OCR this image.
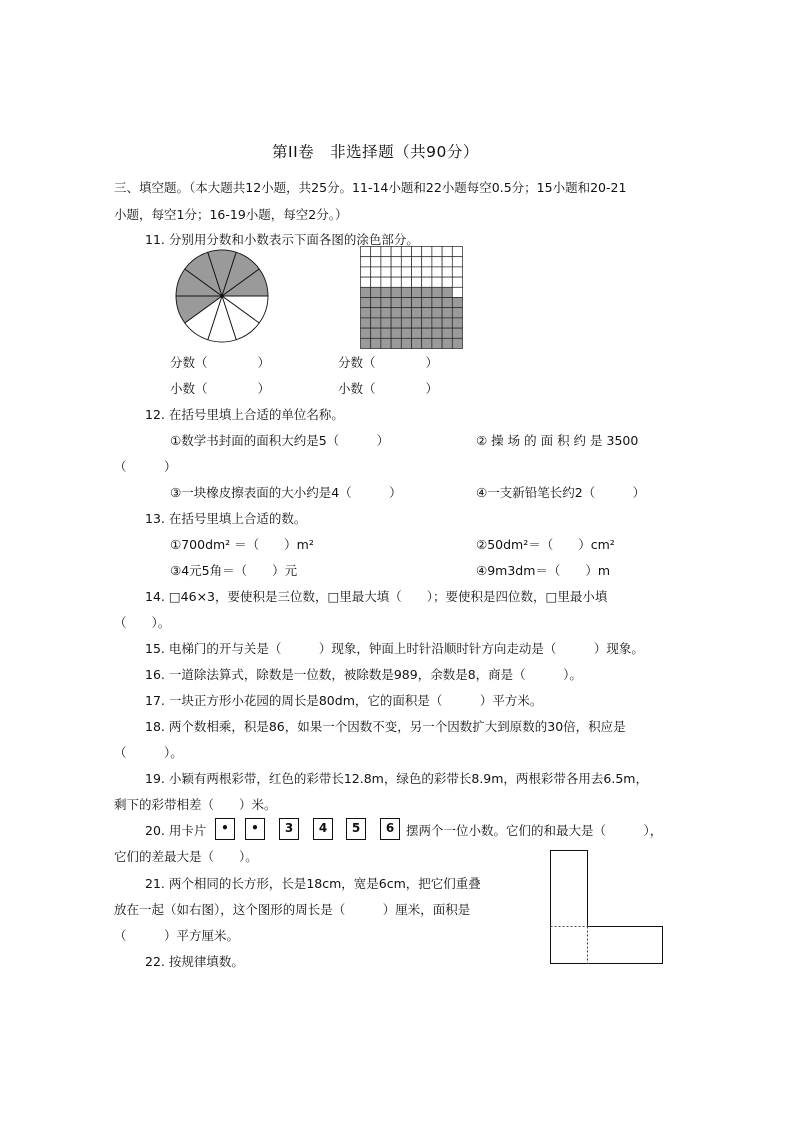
第II卷　非选择题（共90分）
三、填空题。（本大题共12小题，共25分。11-14小题和22小题每空0.5分；15小题和20-21
小题，每空1分；16-19小题，每空2分。）
11. 分别用分数和小数表示下面各图的涂色部分。
分数（　　　　）
小数（　　　　）
分数（　　　　）
小数（　　　　）
12. 在括号里填上合适的单位名称。
①数学书封面的面积大约是5（　　　）	② 操 场 的 面 积 约 是 3500
（　　　）
③一块橡皮擦表面的大小约是4（　　　）	④一支新铅笔长约2（　　　）
13. 在括号里填上合适的数。
①700dm² ＝（　　）m²	②50dm²＝（　　）cm²
③4元5角＝（　　）元	④9m3dm＝（　　）m
14. □46×3，要使积是三位数，□里最大填（　　）；要使积是四位数，□里最小填
（　　）。
15. 电梯门的开与关是（　　　）现象，钟面上时针沿顺时针方向走动是（　　　）现象。
16. 一道除法算式，除数是一位数，被除数是989，余数是8，商是（　　　）。
17. 一块正方形小花园的周长是80dm，它的面积是（　　　）平方米。
18. 两个数相乘，积是86，如果一个因数不变，另一个因数扩大到原数的30倍，积应是
（　　　）。
19. 小颖有两根彩带，红色的彩带长12.8m，绿色的彩带长8.9m，两根彩带各用去6.5m，
剩下的彩带相差（　　）米。
20. 用卡片	•	•	3	4	5	6 摆两个一位小数。它们的和最大是（　　　），
它们的差最大是（　　）。
21. 两个相同的长方形，长是18cm，宽是6cm，把它们重叠
放在一起（如右图），这个图形的周长是（　　　）厘米，面积是
（　　　）平方厘米。
22. 按规律填数。
